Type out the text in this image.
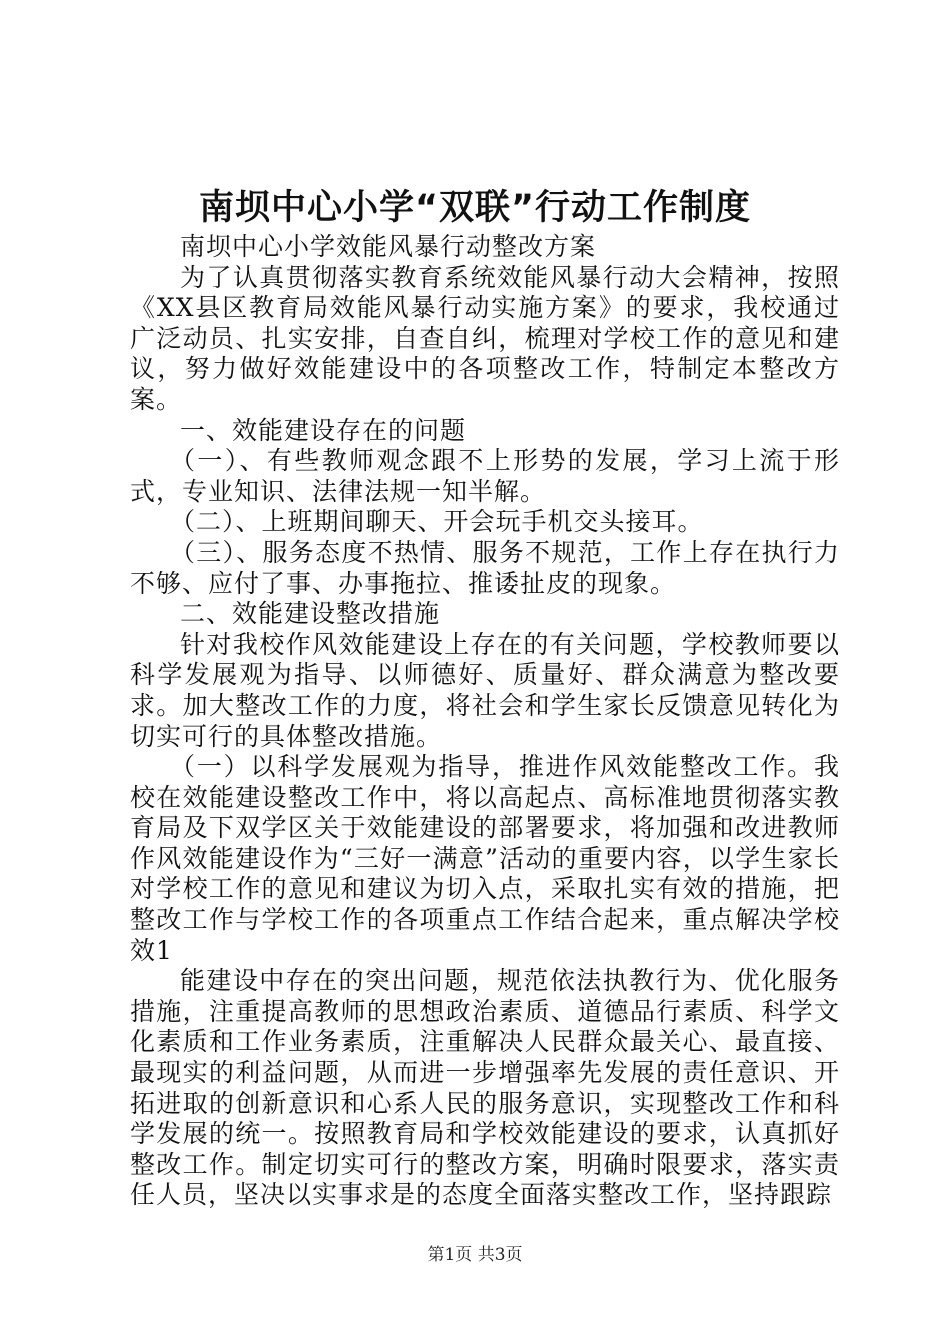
南坝中心小学“双联”行动工作制度

南坝中心小学效能风暴行动整改方案

为了认真贯彻落实教育系统效能风暴行动大会精神，按照《XX县区教育局效能风暴行动实施方案》的要求，我校通过广泛动员、扎实安排，自查自纠，梳理对学校工作的意见和建议，努力做好效能建设中的各项整改工作，特制定本整改方案。

一、效能建设存在的问题

（一）、有些教师观念跟不上形势的发展，学习上流于形式，专业知识、法律法规一知半解。

（二）、上班期间聊天、开会玩手机交头接耳。

（三）、服务态度不热情、服务不规范，工作上存在执行力不够、应付了事、办事拖拉、推诿扯皮的现象。

二、效能建设整改措施

针对我校作风效能建设上存在的有关问题，学校教师要以科学发展观为指导、以师德好、质量好、群众满意为整改要求。加大整改工作的力度，将社会和学生家长反馈意见转化为切实可行的具体整改措施。

（一）以科学发展观为指导，推进作风效能整改工作。我校在效能建设整改工作中，将以高起点、高标准地贯彻落实教育局及下双学区关于效能建设的部署要求，将加强和改进教师作风效能建设作为“三好一满意”活动的重要内容，以学生家长对学校工作的意见和建议为切入点，采取扎实有效的措施，把整改工作与学校工作的各项重点工作结合起来，重点解决学校效1

能建设中存在的突出问题，规范依法执教行为、优化服务措施，注重提高教师的思想政治素质、道德品行素质、科学文化素质和工作业务素质，注重解决人民群众最关心、最直接、最现实的利益问题，从而进一步增强率先发展的责任意识、开拓进取的创新意识和心系人民的服务意识，实现整改工作和科学发展的统一。按照教育局和学校效能建设的要求，认真抓好整改工作。制定切实可行的整改方案，明确时限要求，落实责任人员，坚决以实事求是的态度全面落实整改工作，坚持跟踪

第1页 共3页
